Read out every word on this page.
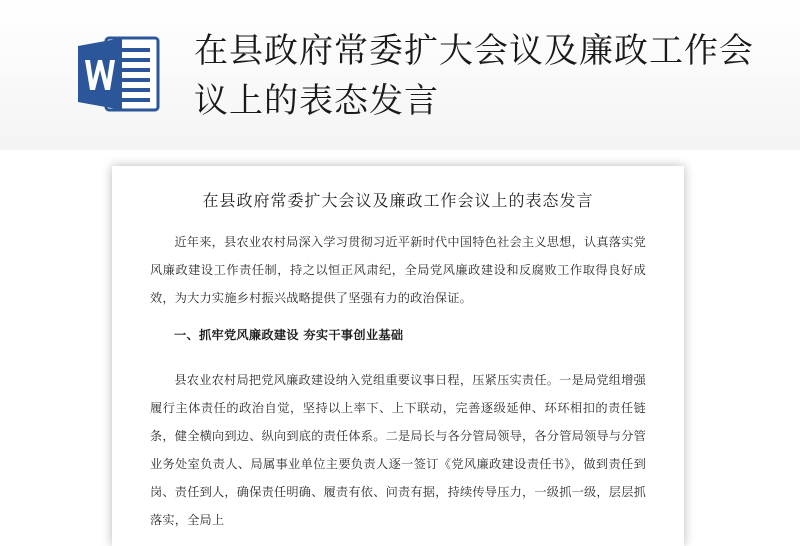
在县政府常委扩大会议及廉政工作会议上的表态发言
在县政府常委扩大会议及廉政工作会议上的表态发言
近年来，县农业农村局深入学习贯彻习近平新时代中国特色社会主义思想，认真落实党风廉政建设工作责任制，持之以恒正风肃纪，全局党风廉政建设和反腐败工作取得良好成效，为大力实施乡村振兴战略提供了坚强有力的政治保证。
一、抓牢党风廉政建设 夯实干事创业基础
县农业农村局把党风廉政建设纳入党组重要议事日程，压紧压实责任。一是局党组增强履行主体责任的政治自觉，坚持以上率下、上下联动，完善逐级延伸、环环相扣的责任链条，健全横向到边、纵向到底的责任体系。二是局长与各分管局领导，各分管局领导与分管业务处室负责人、局属事业单位主要负责人逐一签订《党风廉政建设责任书》，做到责任到岗、责任到人，确保责任明确、履责有依、问责有据，持续传导压力，一级抓一级，层层抓落实，全局上
